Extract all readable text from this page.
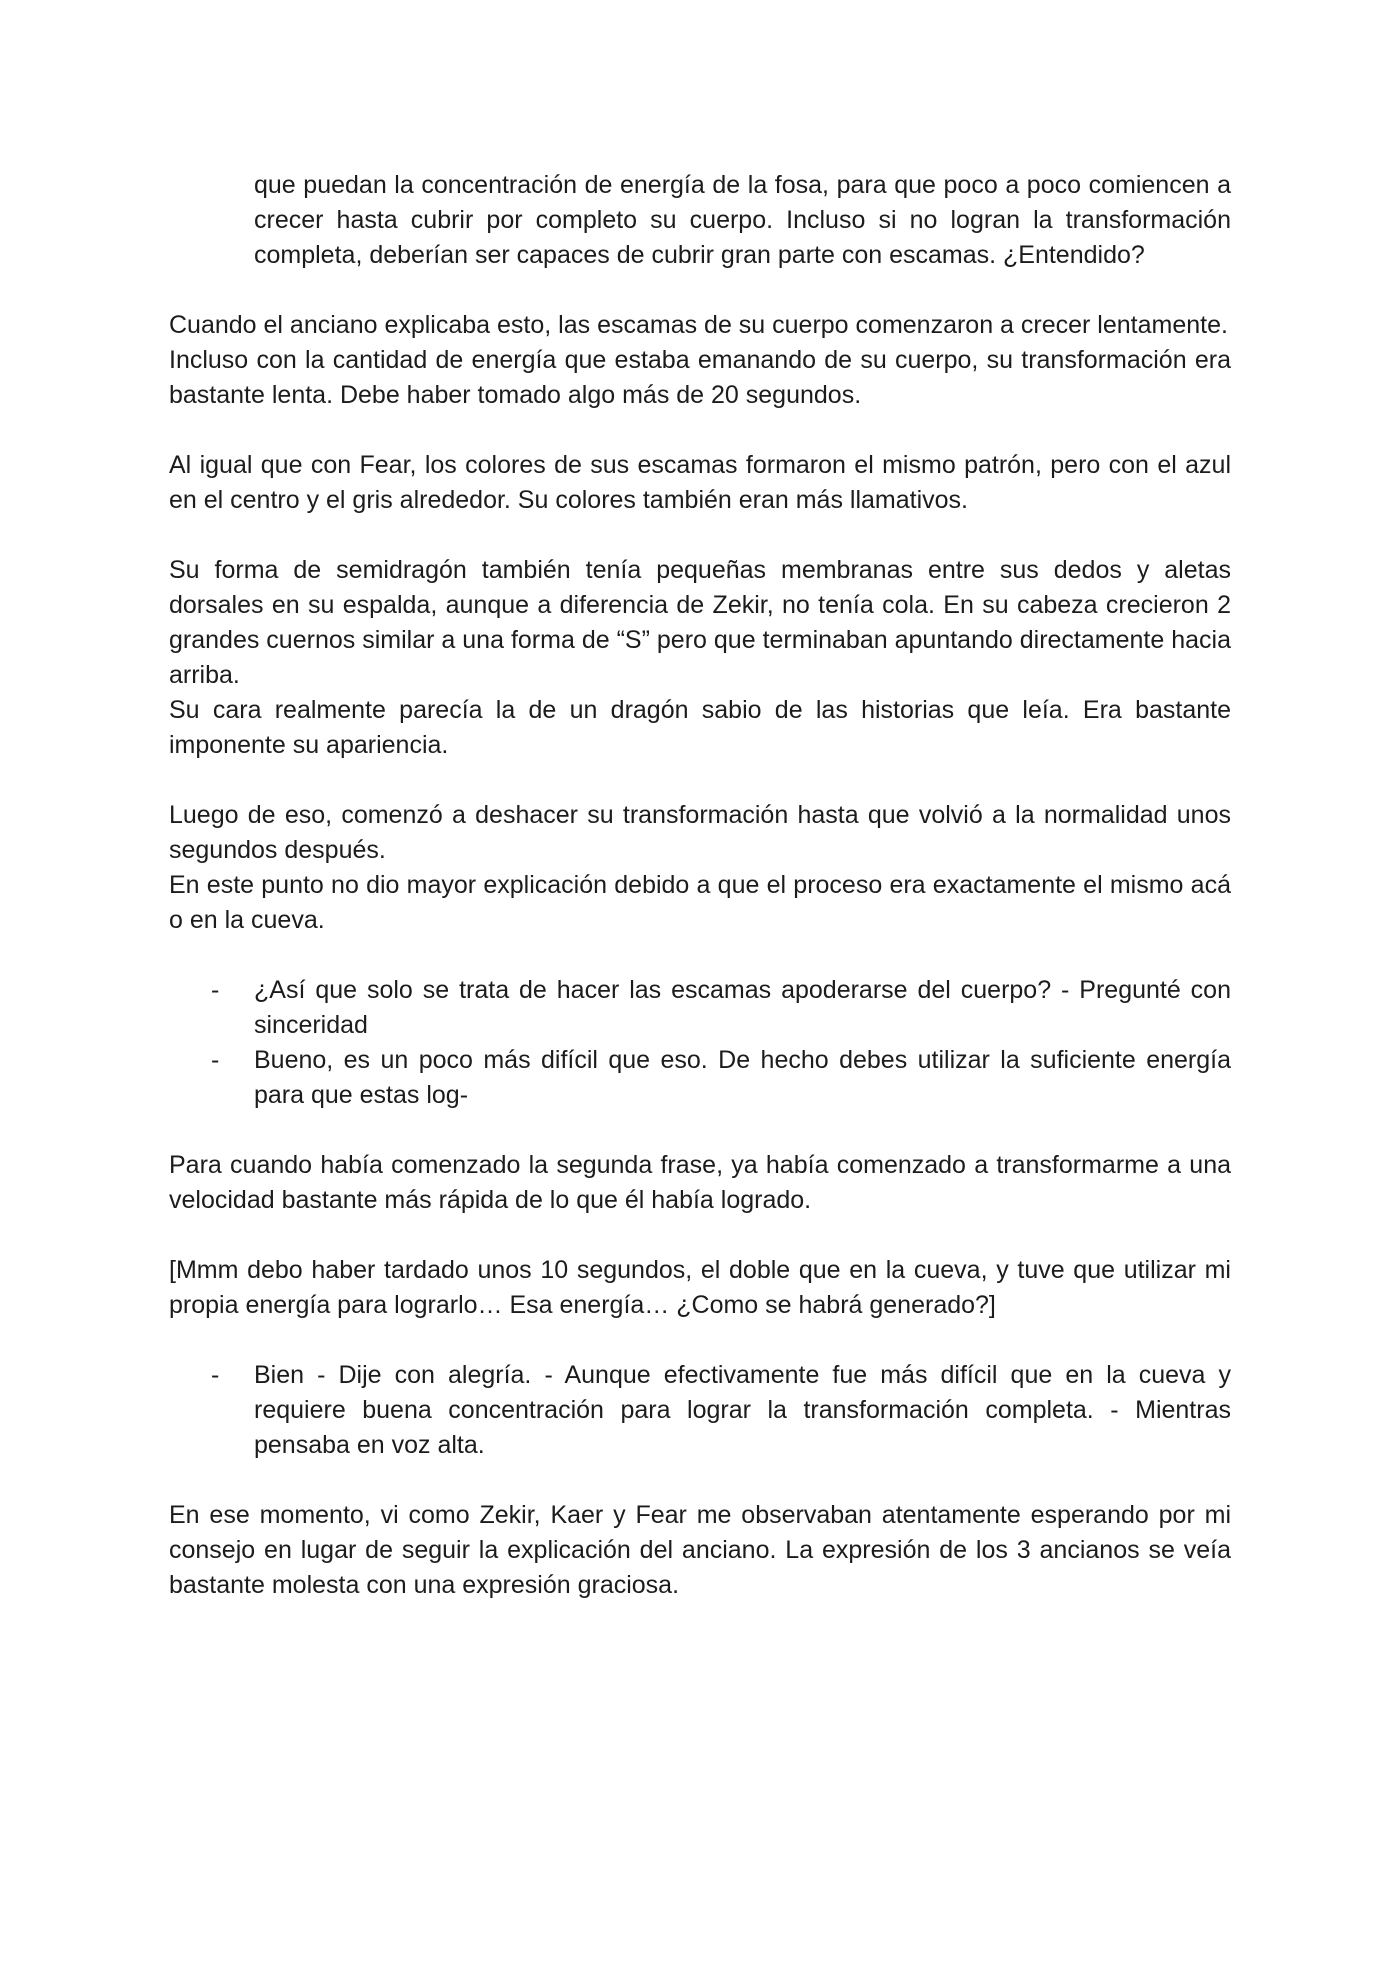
que puedan la concentración de energía de la fosa, para que poco a poco comiencen a crecer hasta cubrir por completo su cuerpo. Incluso si no logran la transformación completa, deberían ser capaces de cubrir gran parte con escamas. ¿Entendido?

Cuando el anciano explicaba esto, las escamas de su cuerpo comenzaron a crecer lentamente.
Incluso con la cantidad de energía que estaba emanando de su cuerpo, su transformación era bastante lenta. Debe haber tomado algo más de 20 segundos.

Al igual que con Fear, los colores de sus escamas formaron el mismo patrón, pero con el azul en el centro y el gris alrededor. Su colores también eran más llamativos.

Su forma de semidragón también tenía pequeñas membranas entre sus dedos y aletas dorsales en su espalda, aunque a diferencia de Zekir, no tenía cola. En su cabeza crecieron 2 grandes cuernos similar a una forma de “S” pero que terminaban apuntando directamente hacia arriba.
Su cara realmente parecía la de un dragón sabio de las historias que leía. Era bastante imponente su apariencia.

Luego de eso, comenzó a deshacer su transformación hasta que volvió a la normalidad unos segundos después.
En este punto no dio mayor explicación debido a que el proceso era exactamente el mismo acá o en la cueva.

- ¿Así que solo se trata de hacer las escamas apoderarse del cuerpo? - Pregunté con sinceridad
- Bueno, es un poco más difícil que eso. De hecho debes utilizar la suficiente energía para que estas log-

Para cuando había comenzado la segunda frase, ya había comenzado a transformarme a una velocidad bastante más rápida de lo que él había logrado.

[Mmm debo haber tardado unos 10 segundos, el doble que en la cueva, y tuve que utilizar mi propia energía para lograrlo… Esa energía… ¿Como se habrá generado?]

- Bien - Dije con alegría. - Aunque efectivamente fue más difícil que en la cueva y requiere buena concentración para lograr la transformación completa. - Mientras pensaba en voz alta.

En ese momento, vi como Zekir, Kaer y Fear me observaban atentamente esperando por mi consejo en lugar de seguir la explicación del anciano. La expresión de los 3 ancianos se veía bastante molesta con una expresión graciosa.
